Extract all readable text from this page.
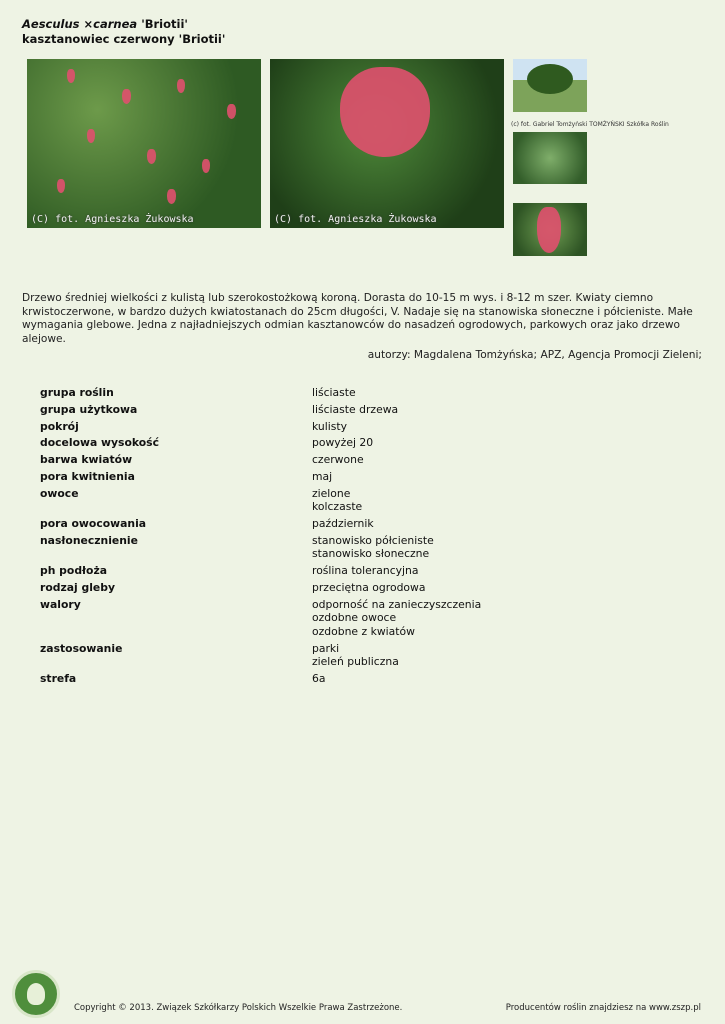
Aesculus ×carnea 'Briotii'
kasztanowiec czerwony 'Briotii'
(C) fot. Agnieszka Żukowska	(C) fot. Agnieszka Żukowska
(c) fot. Gabriel Tomżyński TOMŻYŃSKI Szkółka Roślin
Drzewo średniej wielkości z kulistą lub szerokostożkową koroną. Dorasta do 10-15 m wys. i 8-12 m szer. Kwiaty ciemno krwistoczerwone, w bardzo dużych kwiatostanach do 25cm długości, V. Nadaje się na stanowiska słoneczne i półcieniste. Małe wymagania glebowe. Jedna z najładniejszych odmian kasztanowców do nasadzeń ogrodowych, parkowych oraz jako drzewo alejowe.
autorzy: Magdalena Tomżyńska; APZ, Agencja Promocji Zieleni;
grupa roślin	liściaste
grupa użytkowa	liściaste drzewa
pokrój	kulisty
docelowa wysokość	powyżej 20
barwa kwiatów	czerwone
pora kwitnienia	maj
owoce	zielone
kolczaste
pora owocowania	październik
nasłonecznienie	stanowisko półcieniste
stanowisko słoneczne
ph podłoża	roślina tolerancyjna
rodzaj gleby	przeciętna ogrodowa
walory	odporność na zanieczyszczenia
ozdobne owoce
ozdobne z kwiatów
zastosowanie	parki
zieleń publiczna
strefa	6a
Copyright © 2013. Związek Szkółkarzy Polskich Wszelkie Prawa Zastrzeżone.	Producentów roślin znajdziesz na www.zszp.pl
